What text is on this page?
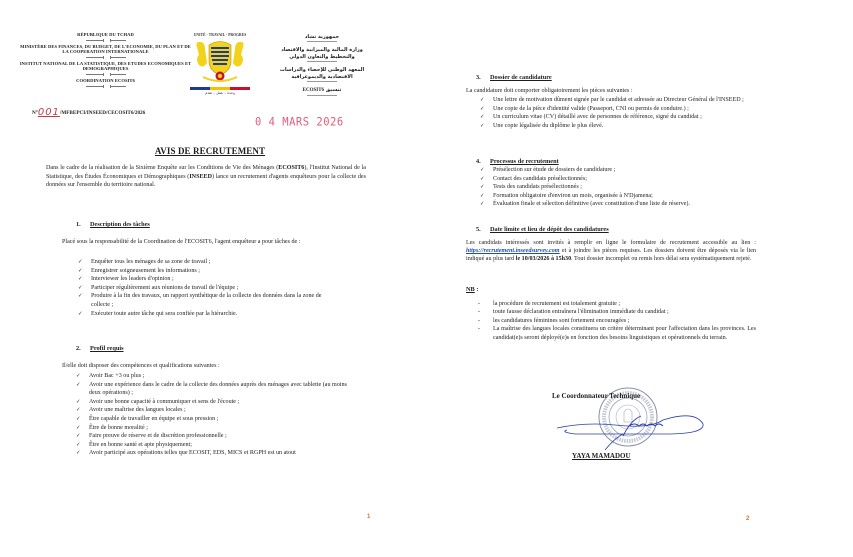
RÉPUBLIQUE DU TCHAD
MINISTÈRE DES FINANCES, DU BUDGET, DE L'ECONOMIE, DU PLAN ET DE LA COOPERATION INTERNATIONALE
INSTITUT NATIONAL DE LA STATISTIQUE, DES ETUDES ECONOMIQUES ET DEMOGRAPHIQUES
COORDINATION ECOSIT6
N°001/MFBEPCI/INSEED/CECOSIT6/2026
UNITÉ - TRAVAIL - PROGRES
وحدة – عمل – تقدم
جمهورية تشاد
وزارة المالية والميزانية والاقتصاد والتخطيط والتعاون الدولي
المعهد الوطني للإحصاء والدراسات الاقتصادية والديموغرافية
تنسيق ECOSIT6
0 4 MARS 2026
AVIS DE RECRUTEMENT
Dans le cadre de la réalisation de la Sixième Enquête sur les Conditions de Vie des Ménages (ECOSIT6), l'Institut National de la Statistique, des Études Économiques et Démographiques (INSEED) lance un recrutement d'agents enquêteurs pour la collecte des données sur l'ensemble du territoire national.
1. Description des tâches
Placé sous la responsabilité de la Coordination de l'ECOSIT6, l'agent enquêteur a pour tâches de :
✓ Enquêter tous les ménages de sa zone de travail ;
✓ Enregistrer soigneusement les informations ;
✓ Interviewer les leaders d'opinion ;
✓ Participer régulièrement aux réunions de travail de l'équipe ;
✓ Produire à la fin des travaux, un rapport synthétique de la collecte des données dans la zone de collecte ;
✓ Exécuter toute autre tâche qui sera confiée par la hiérarchie.
2. Profil requis
Il/elle doit disposer des compétences et qualifications suivantes :
✓ Avoir Bac +3 ou plus ;
✓ Avoir une expérience dans le cadre de la collecte des données auprès des ménages avec tablette (au moins deux opérations) ;
✓ Avoir une bonne capacité à communiquer et sens de l'écoute ;
✓ Avoir une maîtrise des langues locales ;
✓ Être capable de travailler en équipe et sous pression ;
✓ Être de bonne moralité ;
✓ Faire preuve de réserve et de discrétion professionnelle ;
✓ Être en bonne santé et apte physiquement;
✓ Avoir participé aux opérations telles que ECOSIT, EDS, MICS et RGPH est un atout
1
3. Dossier de candidature
La candidature doit comporter obligatoirement les pièces suivantes :
✓ Une lettre de motivation dûment signée par le candidat et adressée au Directeur Général de l'INSEED ;
✓ Une copie de la pièce d'identité valide (Passeport, CNI ou permis de conduire.) ;
✓ Un curriculum vitae (CV) détaillé avec de personnes de référence, signé du candidat ;
✓ Une copie légalisée du diplôme le plus élevé.
4. Processus de recrutement
✓ Présélection sur étude de dossiers de candidature ;
✓ Contact des candidats présélectionnés;
✓ Tests des candidats présélectionnés ;
✓ Formation obligatoire d'environ un mois, organisée à N'Djamena;
✓ Évaluation finale et sélection définitive (avec constitution d'une liste de réserve).
5. Date limite et lieu de dépôt des candidatures
Les candidats intéressés sont invités à remplir en ligne le formulaire de recrutement accessible au lien : https://recrutement.inseedsurvey.com et à joindre les pièces requises. Les dossiers doivent être déposés via le lien indiqué au plus tard le 10/03/2026 à 15h30. Tout dossier incomplet ou remis hors délai sera systématiquement rejeté.
NB :
- la procédure de recrutement est totalement gratuite ;
- toute fausse déclaration entraînera l'élimination immédiate du candidat ;
- les candidatures féminines sont fortement encouragées ;
- La maîtrise des langues locales constituera un critère déterminant pour l'affectation dans les provinces. Les candidat(e)s seront déployé(e)s en fonction des besoins linguistiques et opérationnels du terrain.
Le Coordonnateur Technique
YAYA MAMADOU
2
